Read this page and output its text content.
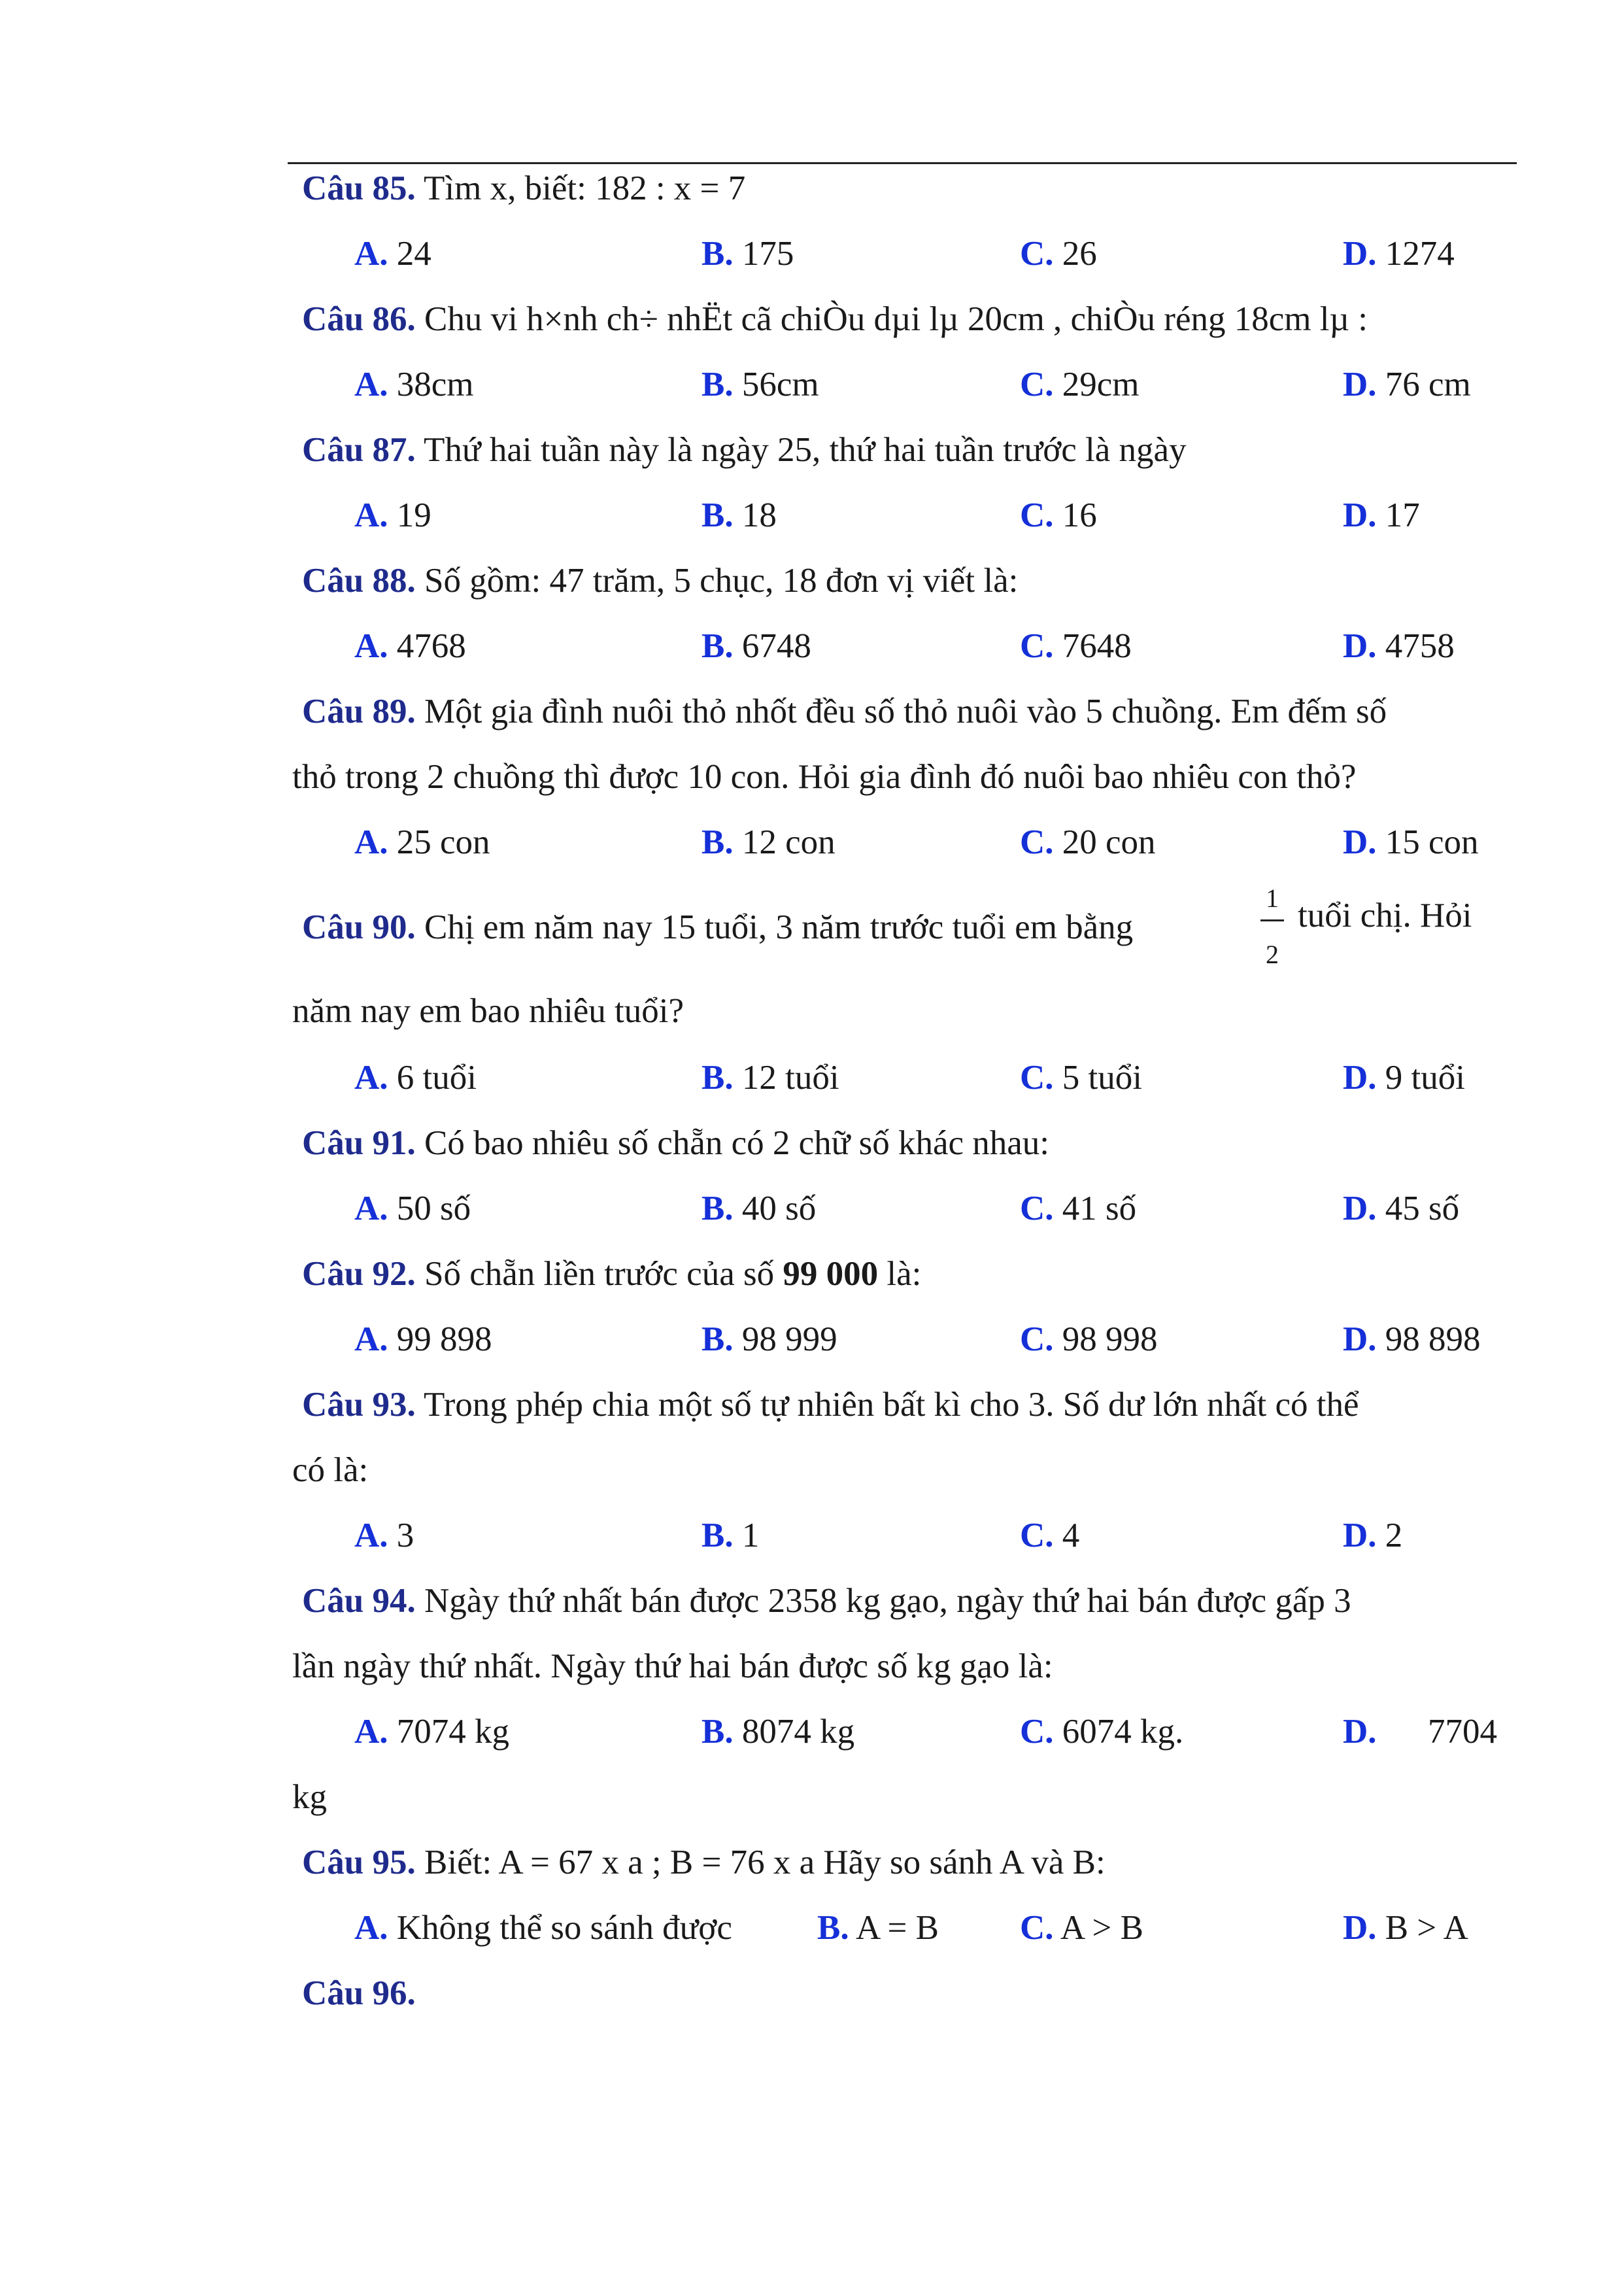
Câu 85. Tìm x, biết: 182 : x = 7
A. 24	B. 175	C. 26	D. 1274
Câu 86. Chu vi h×nh ch÷ nhËt cã chiÒu dµi lµ 20cm , chiÒu réng 18cm lµ :
A. 38cm	B. 56cm	C. 29cm	D. 76 cm
Câu 87. Thứ hai tuần này là ngày 25, thứ hai tuần trước là ngày
A. 19	B. 18	C. 16	D. 17
Câu 88. Số gồm: 47 trăm, 5 chục, 18 đơn vị viết là:
A. 4768	B. 6748	C. 7648	D. 4758
Câu 89. Một gia đình nuôi thỏ nhốt đều số thỏ nuôi vào 5 chuồng. Em đếm số
thỏ trong 2 chuồng thì được 10 con. Hỏi gia đình đó nuôi bao nhiêu con thỏ?
A. 25 con	B. 12 con	C. 20 con	D. 15 con
Câu 90. Chị em năm nay 15 tuổi, 3 năm trước tuổi em bằng
1
2
tuổi chị. Hỏi
năm nay em bao nhiêu tuổi?
A. 6 tuổi	B. 12 tuổi	C. 5 tuổi	D. 9 tuổi
Câu 91. Có bao nhiêu số chẵn có 2 chữ số khác nhau:
A. 50 số	B. 40 số	C. 41 số	D. 45 số
Câu 92. Số chẵn liền trước của số 99 000 là:
A. 99 898	B. 98 999	C. 98 998	D. 98 898
Câu 93. Trong phép chia một số tự nhiên bất kì cho 3. Số dư lớn nhất có thể
có là:
A. 3	B. 1	C. 4	D. 2
Câu 94. Ngày thứ nhất bán được 2358 kg gạo, ngày thứ hai bán được gấp 3
lần ngày thứ nhất. Ngày thứ hai bán được số kg gạo là:
A. 7074 kg	B. 8074 kg	C. 6074 kg.	D. 7704
kg
Câu 95. Biết: A = 67 x a ; B = 76 x a Hãy so sánh A và B:
A. Không thể so sánh được B. A = B C. A > B	D. B > A
Câu 96.
